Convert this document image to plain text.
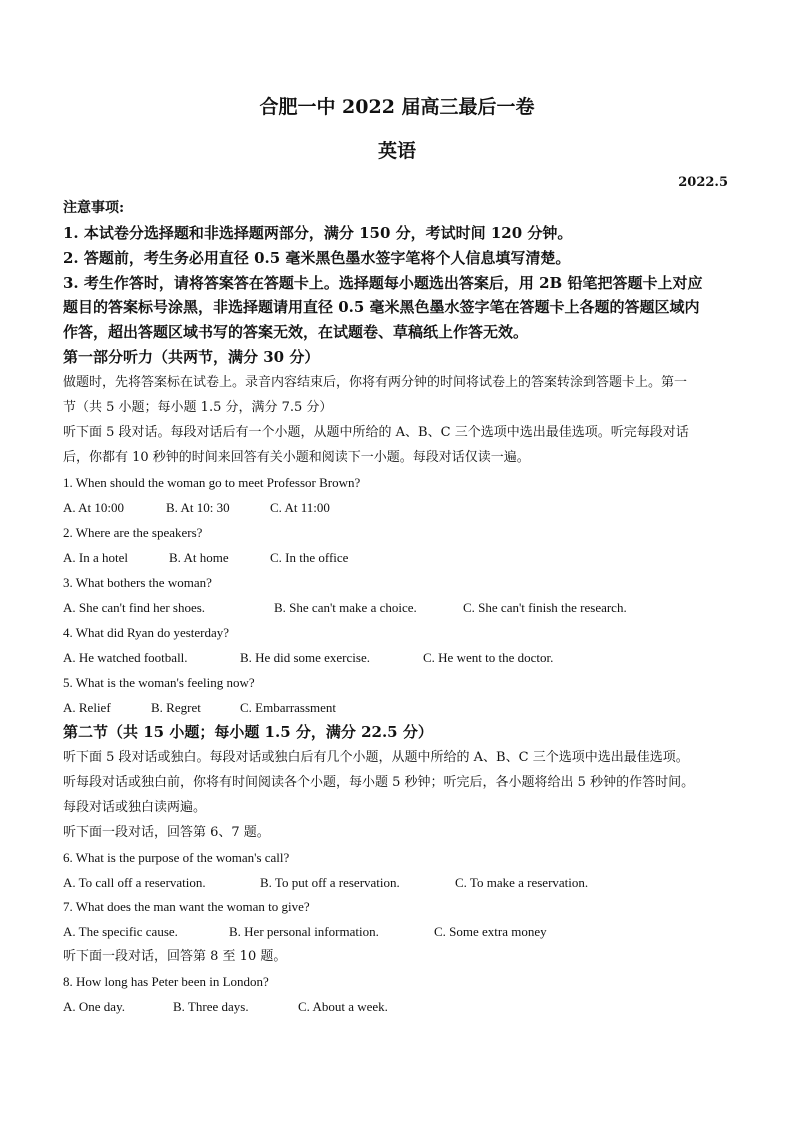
合肥一中 2022 届高三最后一卷
英语
2022.5
注意事项:
1. 本试卷分选择题和非选择题两部分，满分 150 分，考试时间 120 分钟。
2. 答题前，考生务必用直径 0.5 毫米黑色墨水签字笔将个人信息填写清楚。
3. 考生作答时，请将答案答在答题卡上。选择题每小题选出答案后，用 2B 铅笔把答题卡上对应
题目的答案标号涂黑，非选择题请用直径 0.5 毫米黑色墨水签字笔在答题卡上各题的答题区域内
作答，超出答题区域书写的答案无效，在试题卷、草稿纸上作答无效。
第一部分听力（共两节，满分 30 分）
做题时，先将答案标在试卷上。录音内容结束后，你将有两分钟的时间将试卷上的答案转涂到答题卡上。第一
节（共 5 小题；每小题 1.5 分，满分 7.5 分）
听下面 5 段对话。每段对话后有一个小题，从题中所给的 A、B、C 三个选项中选出最佳选项。听完每段对话
后，你都有 10 秒钟的时间来回答有关小题和阅读下一小题。每段对话仅读一遍。
1. When should the woman go to meet Professor Brown?
A. At 10:00	B. At 10: 30	C. At 11:00
2. Where are the speakers?
A. In a hotel	B. At home	C. In the office
3. What bothers the woman?
A. She can't find her shoes.	B. She can't make a choice.	C. She can't finish the research.
4. What did Ryan do yesterday?
A. He watched football.	B. He did some exercise.	C. He went to the doctor.
5. What is the woman's feeling now?
A. Relief	B. Regret	C. Embarrassment
第二节（共 15 小题；每小题 1.5 分，满分 22.5 分）
听下面 5 段对话或独白。每段对话或独白后有几个小题，从题中所给的 A、B、C 三个选项中选出最佳选项。
听每段对话或独白前，你将有时间阅读各个小题，每小题 5 秒钟；听完后，各小题将给出 5 秒钟的作答时间。
每段对话或独白读两遍。
听下面一段对话，回答第 6、7 题。
6. What is the purpose of the woman's call?
A. To call off a reservation.	B. To put off a reservation.	C. To make a reservation.
7. What does the man want the woman to give?
A. The specific cause.	B. Her personal information.	C. Some extra money
听下面一段对话，回答第 8 至 10 题。
8. How long has Peter been in London?
A. One day.	B. Three days.	C. About a week.
